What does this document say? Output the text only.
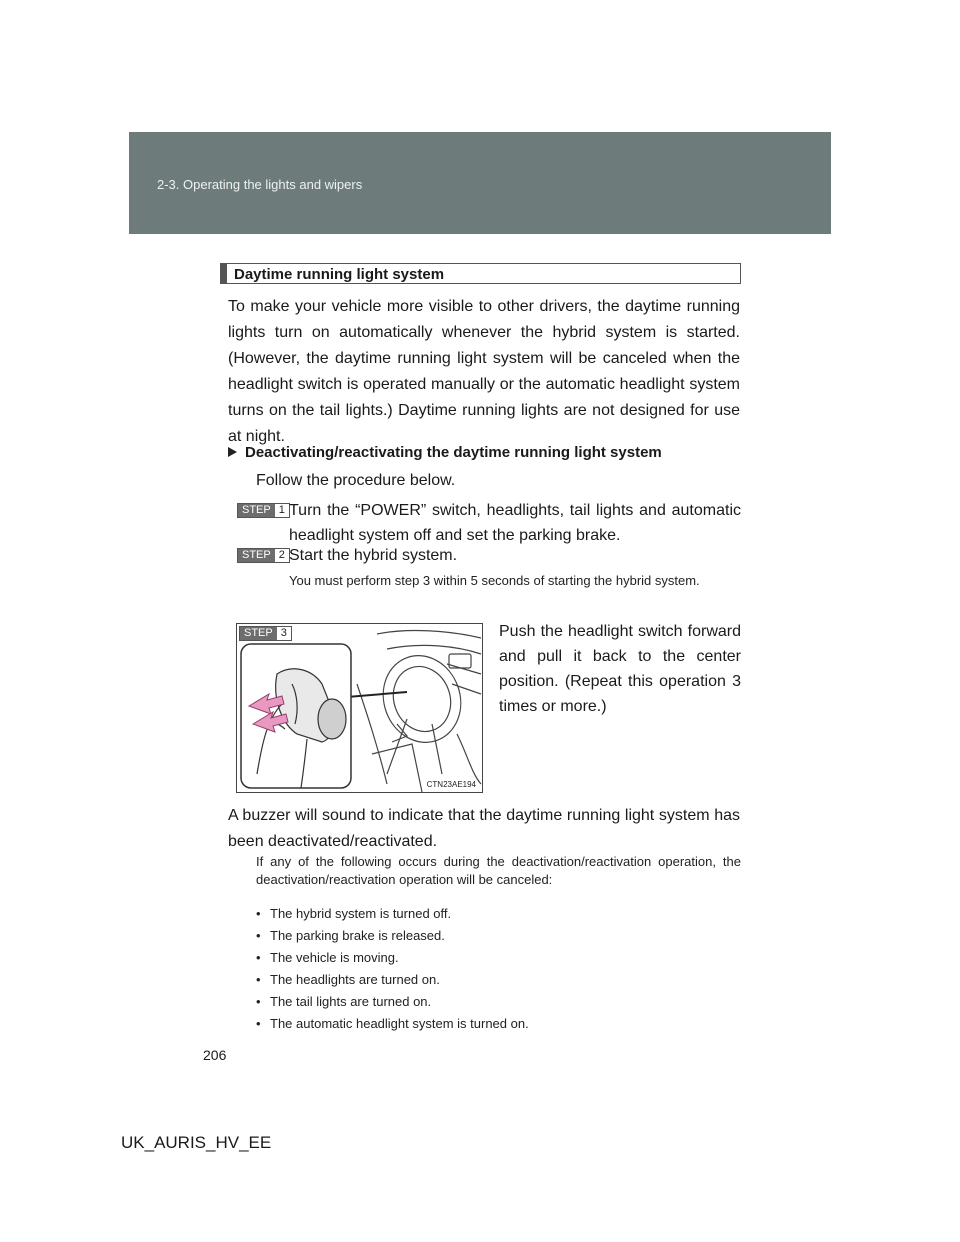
2-3. Operating the lights and wipers
Daytime running light system
To make your vehicle more visible to other drivers, the daytime running lights turn on automatically whenever the hybrid system is started. (However, the daytime running light system will be canceled when the headlight switch is operated manually or the automatic headlight system turns on the tail lights.) Daytime running lights are not designed for use at night.
Deactivating/reactivating the daytime running light system
Follow the procedure below.
STEP 1 Turn the “POWER” switch, headlights, tail lights and automatic headlight system off and set the parking brake.
STEP 2 Start the hybrid system.
You must perform step 3 within 5 seconds of starting the hybrid system.
STEP 3
CTN23AE194
Push the headlight switch forward and pull it back to the center position. (Repeat this operation 3 times or more.)
A buzzer will sound to indicate that the daytime running light system has been deactivated/reactivated.
If any of the following occurs during the deactivation/reactivation operation, the deactivation/reactivation operation will be canceled:
• The hybrid system is turned off.
• The parking brake is released.
• The vehicle is moving.
• The headlights are turned on.
• The tail lights are turned on.
• The automatic headlight system is turned on.
206
UK_AURIS_HV_EE
